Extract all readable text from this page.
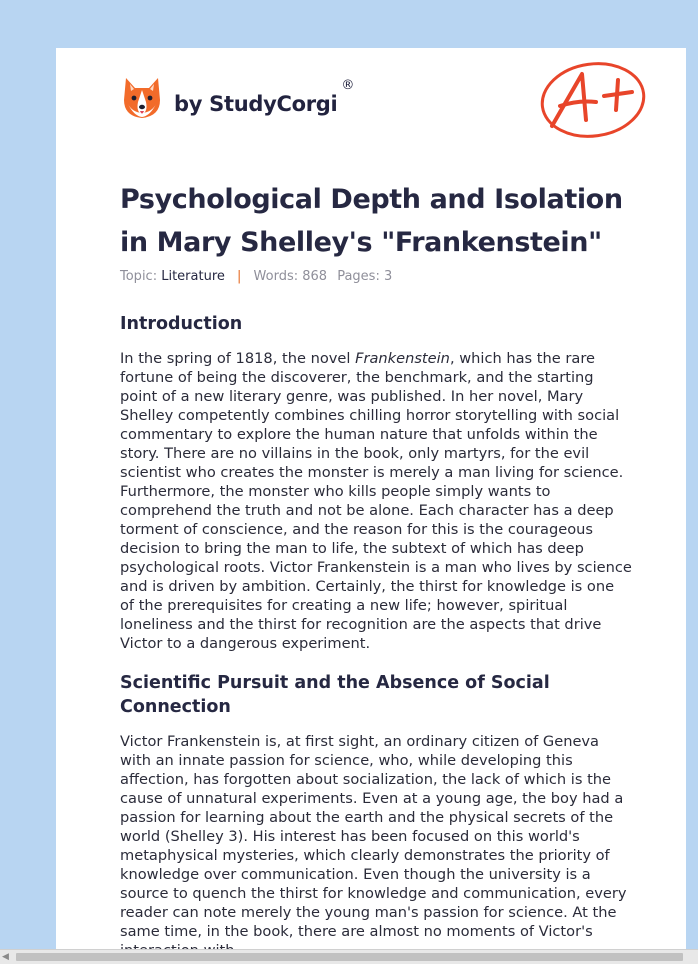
by StudyCorgi
®
A+
Psychological Depth and Isolation in Mary Shelley's "Frankenstein"
Topic: Literature | Words: 868 Pages: 3
Introduction

In the spring of 1818, the novel Frankenstein, which has the rare fortune of being the discoverer, the benchmark, and the starting point of a new literary genre, was published. In her novel, Mary Shelley competently combines chilling horror storytelling with social commentary to explore the human nature that unfolds within the story. There are no villains in the book, only martyrs, for the evil scientist who creates the monster is merely a man living for science. Furthermore, the monster who kills people simply wants to comprehend the truth and not be alone. Each character has a deep torment of conscience, and the reason for this is the courageous decision to bring the man to life, the subtext of which has deep psychological roots. Victor Frankenstein is a man who lives by science and is driven by ambition. Certainly, the thirst for knowledge is one of the prerequisites for creating a new life; however, spiritual loneliness and the thirst for recognition are the aspects that drive Victor to a dangerous experiment.

Scientific Pursuit and the Absence of Social Connection

Victor Frankenstein is, at first sight, an ordinary citizen of Geneva with an innate passion for science, who, while developing this affection, has forgotten about socialization, the lack of which is the cause of unnatural experiments. Even at a young age, the boy had a passion for learning about the earth and the physical secrets of the world (Shelley 3). His interest has been focused on this world's metaphysical mysteries, which clearly demonstrates the priority of knowledge over communication. Even though the university is a source to quench the thirst for knowledge and communication, every reader can note merely the young man's passion for science. At the same time, in the book, there are almost no moments of Victor's

◀
